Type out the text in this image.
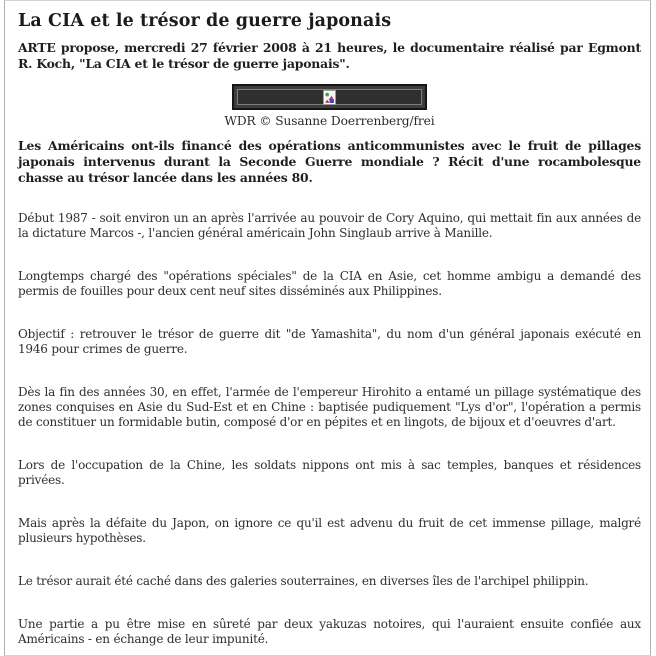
La CIA et le trésor de guerre japonais

ARTE propose, mercredi 27 février 2008 à 21 heures, le documentaire réalisé par Egmont R. Koch, "La CIA et le trésor de guerre japonais".

WDR © Susanne Doerrenberg/frei

Les Américains ont-ils financé des opérations anticommunistes avec le fruit de pillages japonais intervenus durant la Seconde Guerre mondiale ? Récit d'une rocambolesque chasse au trésor lancée dans les années 80.

Début 1987 - soit environ un an après l'arrivée au pouvoir de Cory Aquino, qui mettait fin aux années de la dictature Marcos -, l'ancien général américain John Singlaub arrive à Manille.

Longtemps chargé des "opérations spéciales" de la CIA en Asie, cet homme ambigu a demandé des permis de fouilles pour deux cent neuf sites disséminés aux Philippines.

Objectif : retrouver le trésor de guerre dit "de Yamashita", du nom d'un général japonais exécuté en 1946 pour crimes de guerre.

Dès la fin des années 30, en effet, l'armée de l'empereur Hirohito a entamé un pillage systématique des zones conquises en Asie du Sud-Est et en Chine : baptisée pudiquement "Lys d'or", l'opération a permis de constituer un formidable butin, composé d'or en pépites et en lingots, de bijoux et d'oeuvres d'art.

Lors de l'occupation de la Chine, les soldats nippons ont mis à sac temples, banques et résidences privées.

Mais après la défaite du Japon, on ignore ce qu'il est advenu du fruit de cet immense pillage, malgré plusieurs hypothèses.

Le trésor aurait été caché dans des galeries souterraines, en diverses îles de l'archipel philippin.

Une partie a pu être mise en sûreté par deux yakuzas notoires, qui l'auraient ensuite confiée aux Américains - en échange de leur impunité.
